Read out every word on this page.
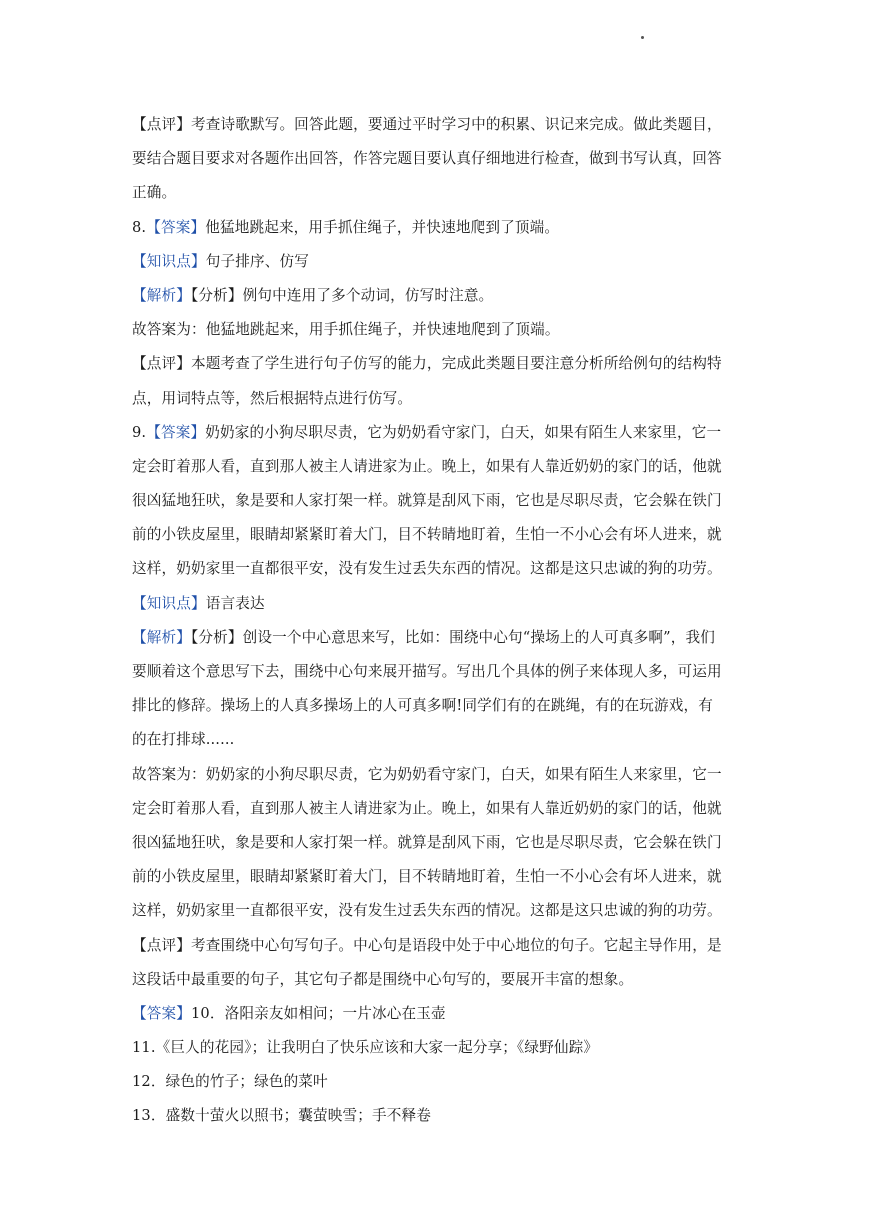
【点评】考查诗歌默写。回答此题，要通过平时学习中的积累、识记来完成。做此类题目，
要结合题目要求对各题作出回答，作答完题目要认真仔细地进行检查，做到书写认真，回答
正确。
8.【答案】他猛地跳起来，用手抓住绳子，并快速地爬到了顶端。
【知识点】句子排序、仿写
【解析】【分析】例句中连用了多个动词，仿写时注意。
故答案为：他猛地跳起来，用手抓住绳子，并快速地爬到了顶端。
【点评】本题考查了学生进行句子仿写的能力，完成此类题目要注意分析所给例句的结构特
点，用词特点等，然后根据特点进行仿写。
9.【答案】奶奶家的小狗尽职尽责，它为奶奶看守家门，白天，如果有陌生人来家里，它一
定会盯着那人看，直到那人被主人请进家为止。晚上，如果有人靠近奶奶的家门的话，他就
很凶猛地狂吠，象是要和人家打架一样。就算是刮风下雨，它也是尽职尽责，它会躲在铁门
前的小铁皮屋里，眼睛却紧紧盯着大门，目不转睛地盯着，生怕一不小心会有坏人进来，就
这样，奶奶家里一直都很平安，没有发生过丢失东西的情况。这都是这只忠诚的狗的功劳。
【知识点】语言表达
【解析】【分析】创设一个中心意思来写，比如：围绕中心句“操场上的人可真多啊”，我们
要顺着这个意思写下去，围绕中心句来展开描写。写出几个具体的例子来体现人多，可运用
排比的修辞。操场上的人真多操场上的人可真多啊!同学们有的在跳绳，有的在玩游戏，有
的在打排球......
故答案为：奶奶家的小狗尽职尽责，它为奶奶看守家门，白天，如果有陌生人来家里，它一
定会盯着那人看，直到那人被主人请进家为止。晚上，如果有人靠近奶奶的家门的话，他就
很凶猛地狂吠，象是要和人家打架一样。就算是刮风下雨，它也是尽职尽责，它会躲在铁门
前的小铁皮屋里，眼睛却紧紧盯着大门，目不转睛地盯着，生怕一不小心会有坏人进来，就
这样，奶奶家里一直都很平安，没有发生过丢失东西的情况。这都是这只忠诚的狗的功劳。
【点评】考查围绕中心句写句子。中心句是语段中处于中心地位的句子。它起主导作用，是
这段话中最重要的句子，其它句子都是围绕中心句写的，要展开丰富的想象。
【答案】10．洛阳亲友如相问；一片冰心在玉壶
11.《巨人的花园》；让我明白了快乐应该和大家一起分享；《绿野仙踪》
12．绿色的竹子；绿色的菜叶
13．盛数十萤火以照书；囊萤映雪；手不释卷
